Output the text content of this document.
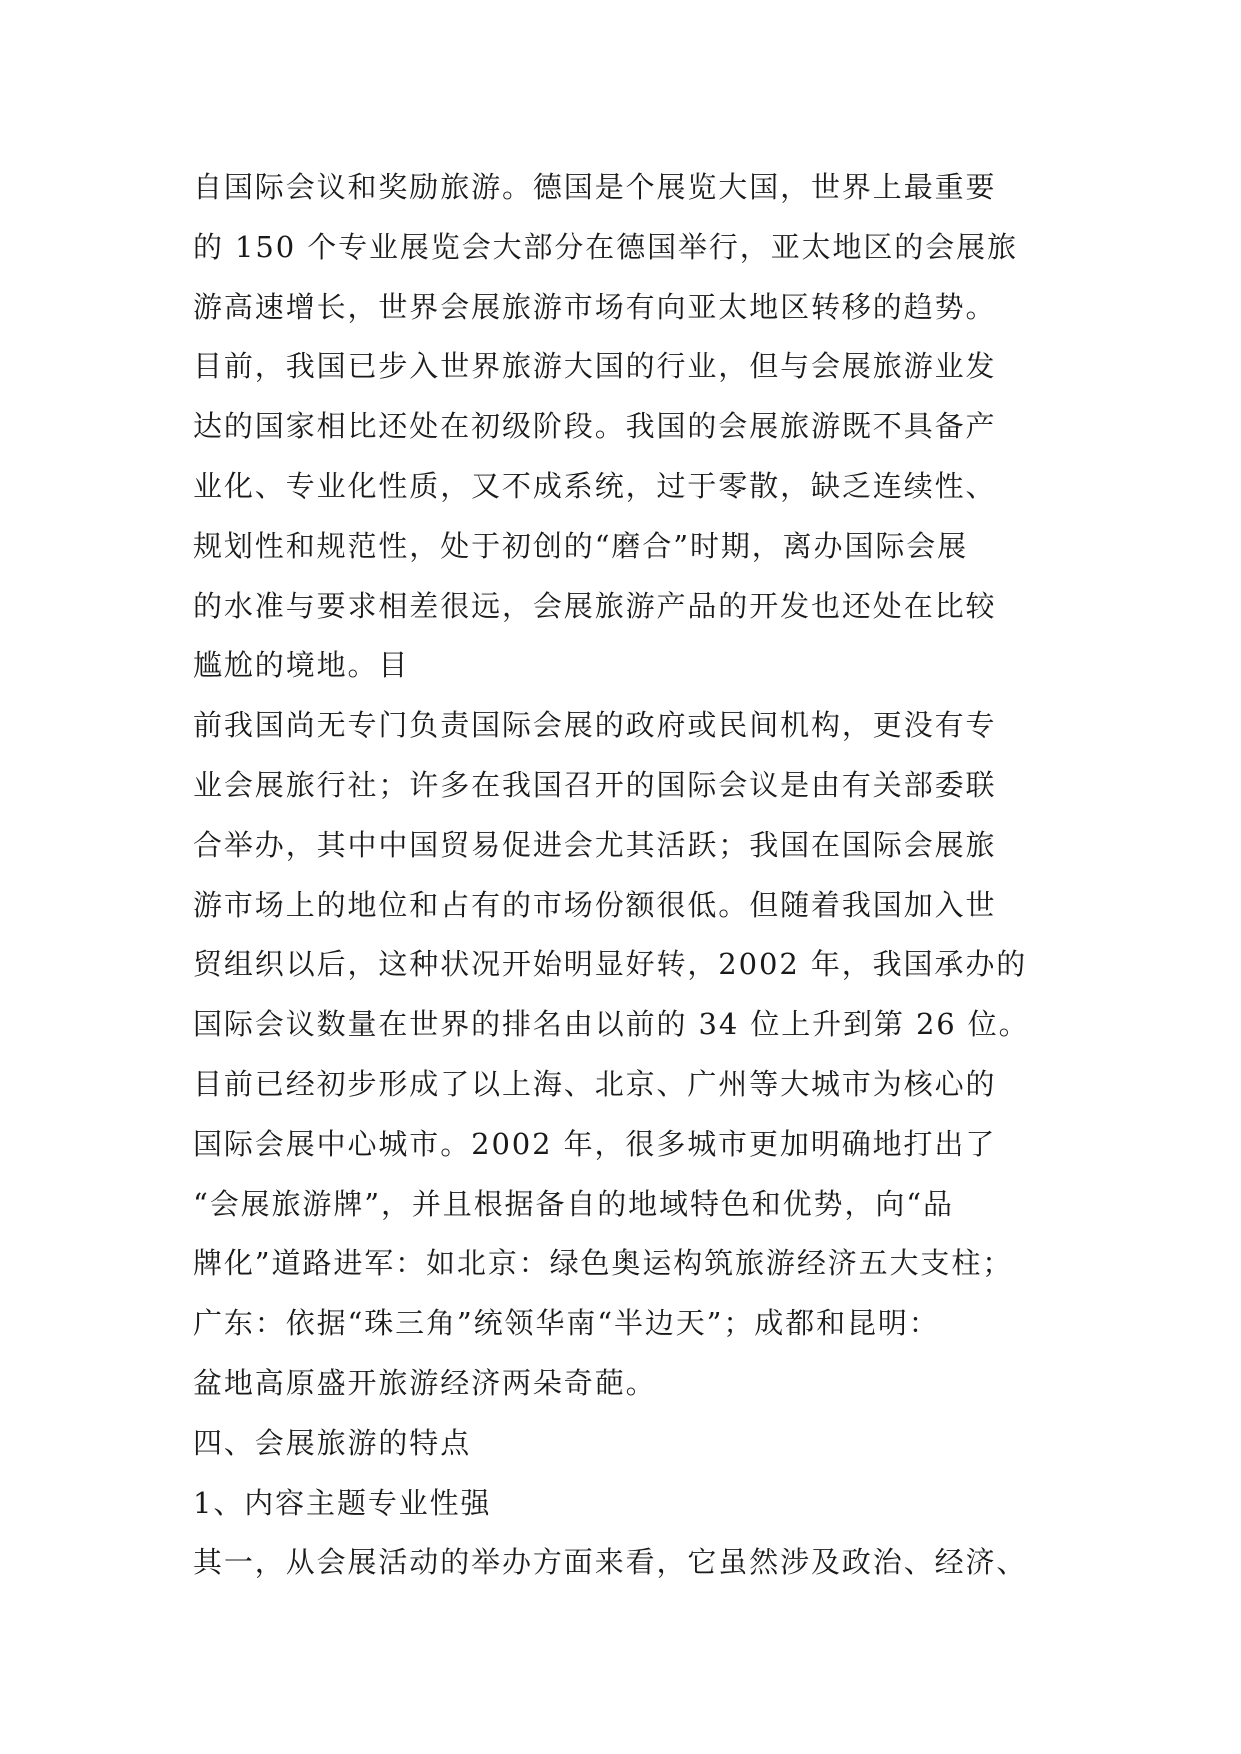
自国际会议和奖励旅游。德国是个展览大国，世界上最重要
的 150 个专业展览会大部分在德国举行，亚太地区的会展旅
游高速增长，世界会展旅游市场有向亚太地区转移的趋势。
目前，我国已步入世界旅游大国的行业，但与会展旅游业发
达的国家相比还处在初级阶段。我国的会展旅游既不具备产
业化、专业化性质，又不成系统，过于零散，缺乏连续性、
规划性和规范性，处于初创的“磨合”时期，离办国际会展
的水准与要求相差很远，会展旅游产品的开发也还处在比较
尴尬的境地。目
前我国尚无专门负责国际会展的政府或民间机构，更没有专
业会展旅行社；许多在我国召开的国际会议是由有关部委联
合举办，其中中国贸易促进会尤其活跃；我国在国际会展旅
游市场上的地位和占有的市场份额很低。但随着我国加入世
贸组织以后，这种状况开始明显好转，2002 年，我国承办的
国际会议数量在世界的排名由以前的 34 位上升到第 26 位。
目前已经初步形成了以上海、北京、广州等大城市为核心的
国际会展中心城市。2002 年，很多城市更加明确地打出了
“会展旅游牌”，并且根据备自的地域特色和优势，向“品
牌化”道路进军：如北京：绿色奥运构筑旅游经济五大支柱；
广东：依据“珠三角”统领华南“半边天”；成都和昆明：
盆地高原盛开旅游经济两朵奇葩。
四、会展旅游的特点
1、内容主题专业性强
其一，从会展活动的举办方面来看，它虽然涉及政治、经济、
